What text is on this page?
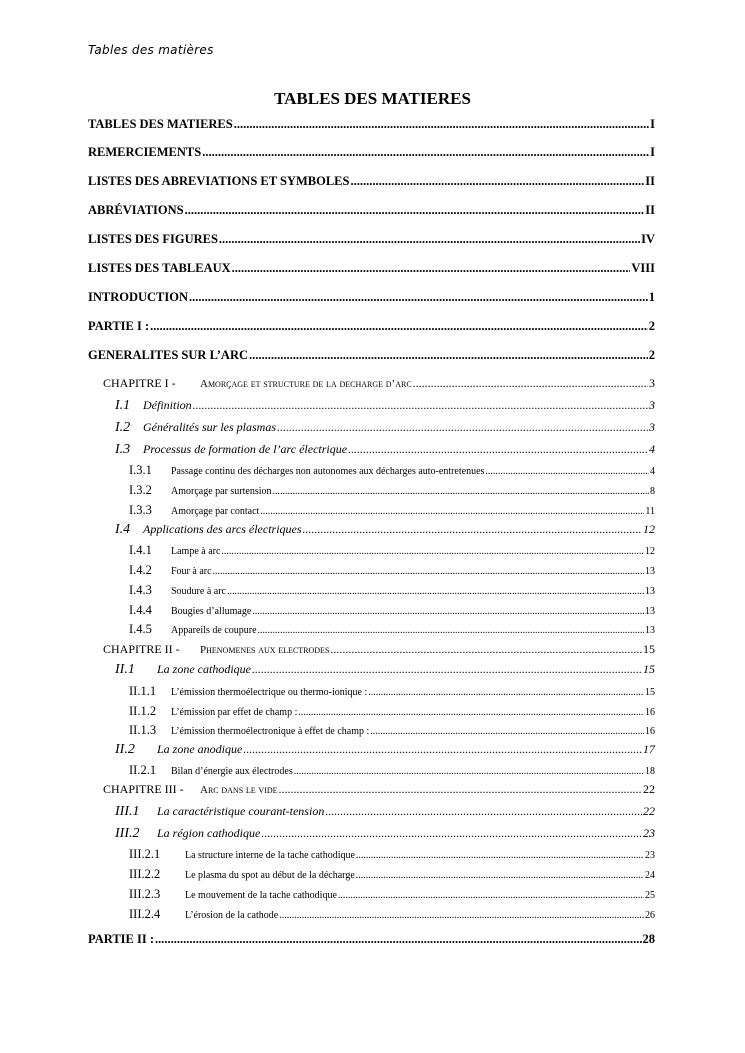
Tables des matières
TABLES DES MATIERES
TABLES DES MATIERES .....	I
REMERCIEMENTS .....	I
LISTES DES ABREVIATIONS ET SYMBOLES .....	II
ABRÉVIATIONS .....	II
LISTES DES FIGURES .....	IV
LISTES DES TABLEAUX .....	VIII
INTRODUCTION .....	1
PARTIE I : .....	2
GENERALITES SUR L’ARC .....	2
CHAPITRE I -	Amorçage et structure de la decharge d’arc .....	3
I.1	Définition .....	3
I.2	Généralités sur les plasmas .....	3
I.3	Processus de formation de l’arc électrique .....	4
I.3.1	Passage continu des décharges non autonomes aux décharges auto-entretenues .....	4
I.3.2	Amorçage par surtension .....	8
I.3.3	Amorçage par contact .....	11
I.4	Applications des arcs électriques .....	12
I.4.1	Lampe à arc .....	12
I.4.2	Four à arc .....	13
I.4.3	Soudure à arc .....	13
I.4.4	Bougies d’allumage .....	13
I.4.5	Appareils de coupure .....	13
CHAPITRE II -	Phenomenes aux electrodes .....	15
II.1	La zone cathodique .....	15
II.1.1	L’émission thermoélectrique ou thermo-ionique : .....	15
II.1.2	L’émission par effet de champ : .....	16
II.1.3	L’émission thermoélectronique à effet de champ : .....	16
II.2	La zone anodique .....	17
II.2.1	Bilan d’énergie aux électrodes .....	18
CHAPITRE III -	Arc dans le vide .....	22
III.1	La caractéristique courant-tension .....	22
III.2	La région cathodique .....	23
III.2.1	La structure interne de la tache cathodique .....	23
III.2.2	Le plasma du spot au début de la décharge .....	24
III.2.3	Le mouvement de la tache cathodique .....	25
III.2.4	L’érosion de la cathode .....	26
PARTIE II : .....	28
